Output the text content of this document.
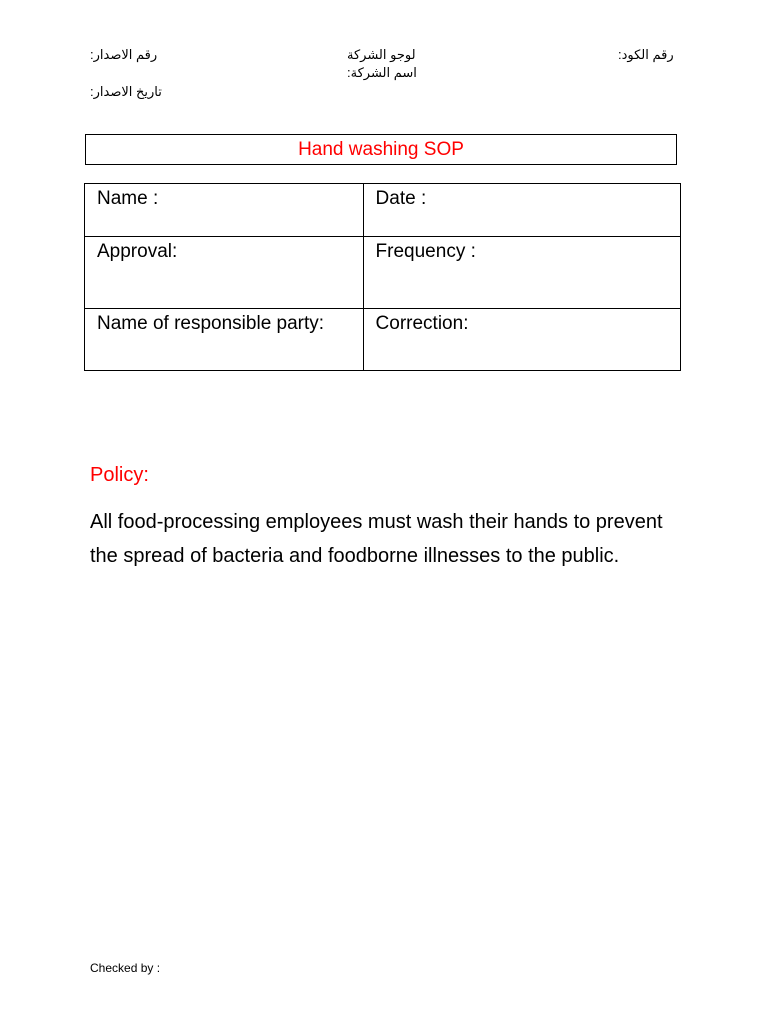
رقم الاصدار:	لوجو الشركة
اسم الشركة:
رقم الكود:
تاريخ الاصدار:
Hand washing SOP
Name :	Date :
Approval:	Frequency :
Name of responsible party:	Correction:
Policy:
All food-processing employees must wash their hands to prevent the spread of bacteria and foodborne illnesses to the public.
Checked by :
